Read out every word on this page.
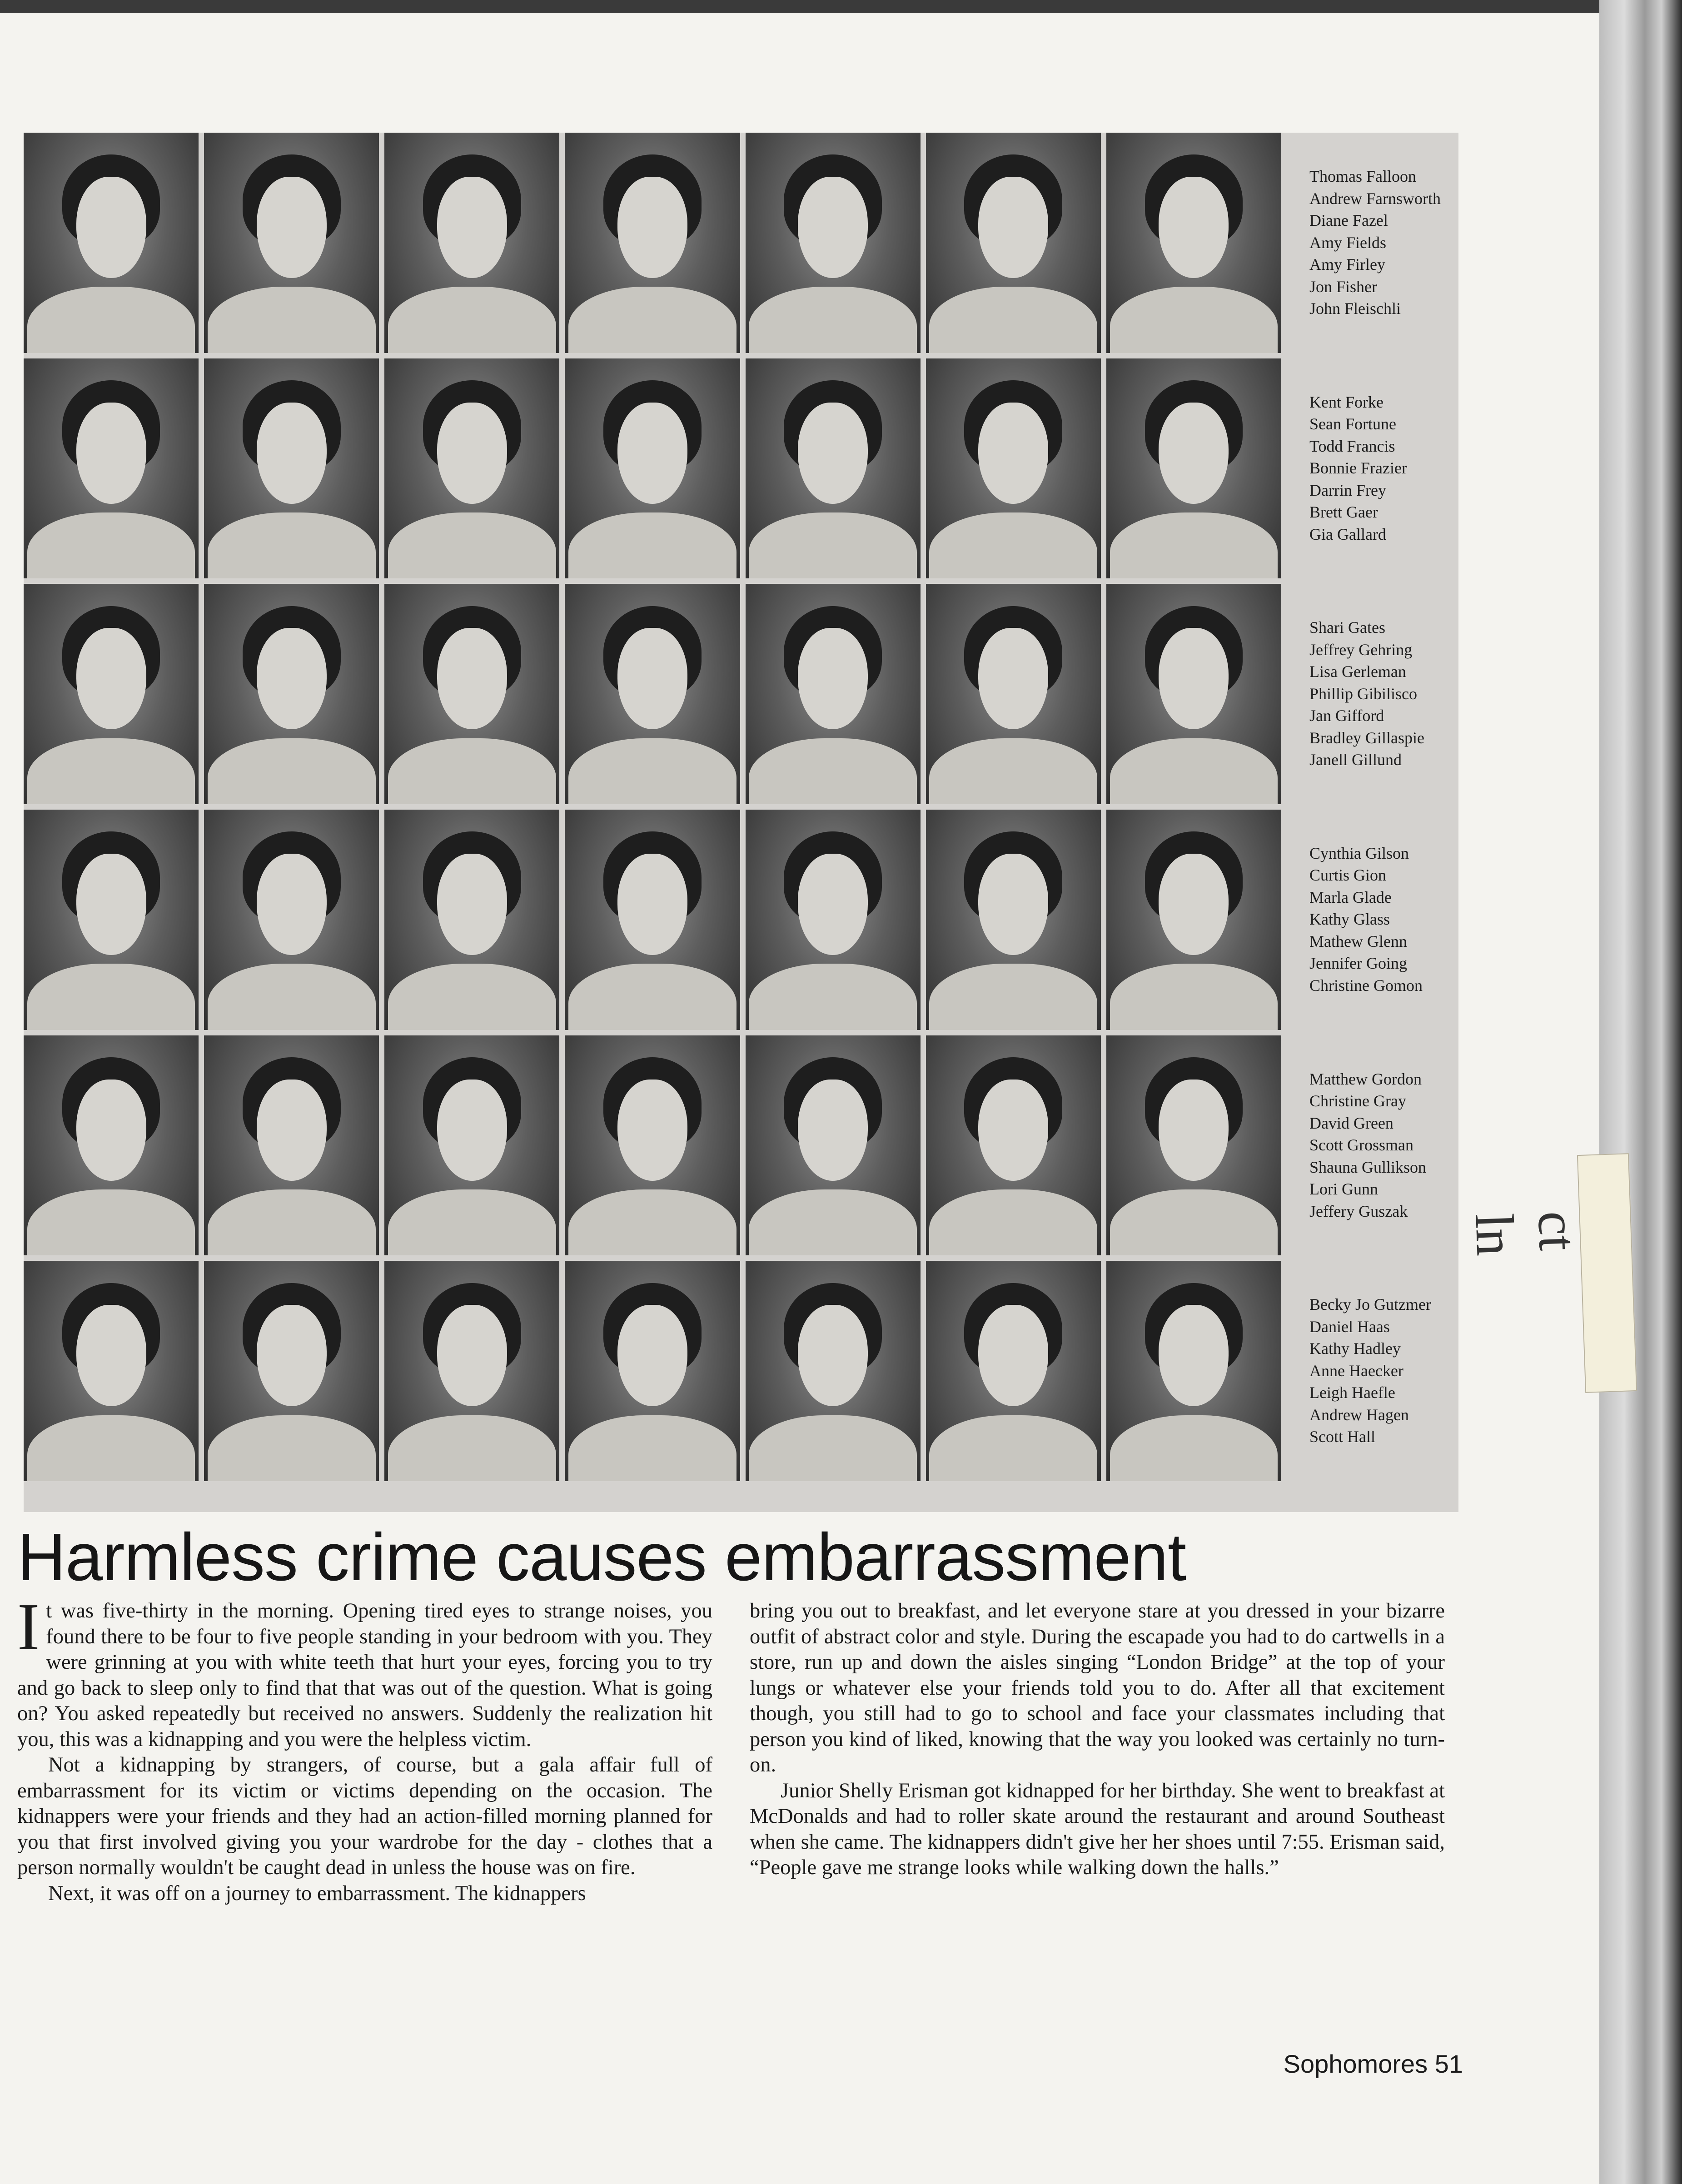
Thomas Falloon
Andrew Farnsworth
Diane Fazel
Amy Fields
Amy Firley
Jon Fisher
John Fleischli
Kent Forke
Sean Fortune
Todd Francis
Bonnie Frazier
Darrin Frey
Brett Gaer
Gia Gallard
Shari Gates
Jeffrey Gehring
Lisa Gerleman
Phillip Gibilisco
Jan Gifford
Bradley Gillaspie
Janell Gillund
Cynthia Gilson
Curtis Gion
Marla Glade
Kathy Glass
Mathew Glenn
Jennifer Going
Christine Gomon
Matthew Gordon
Christine Gray
David Green
Scott Grossman
Shauna Gullikson
Lori Gunn
Jeffery Guszak
Becky Jo Gutzmer
Daniel Haas
Kathy Hadley
Anne Haecker
Leigh Haefle
Andrew Hagen
Scott Hall
Harmless crime causes embarrassment

It was five-thirty in the morning. Opening tired eyes to strange noises, you found there to be four to five people standing in your bedroom with you. They were grinning at you with white teeth that hurt your eyes, forcing you to try and go back to sleep only to find that that was out of the question. What is going on? You asked repeatedly but received no answers. Suddenly the realization hit you, this was a kidnapping and you were the helpless victim.

Not a kidnapping by strangers, of course, but a gala affair full of embarrassment for its victim or victims depending on the occasion. The kidnappers were your friends and they had an action-filled morning planned for you that first involved giving you your wardrobe for the day - clothes that a person normally wouldn't be caught dead in unless the house was on fire.

Next, it was off on a journey to embarrassment. The kidnappers

bring you out to breakfast, and let everyone stare at you dressed in your bizarre outfit of abstract color and style. During the escapade you had to do cartwells in a store, run up and down the aisles singing “London Bridge” at the top of your lungs or whatever else your friends told you to do. After all that excitement though, you still had to go to school and face your classmates including that person you kind of liked, knowing that the way you looked was certainly no turn-on.

Junior Shelly Erisman got kidnapped for her birthday. She went to breakfast at McDonalds and had to roller skate around the restaurant and around Southeast when she came. The kidnappers didn't give her her shoes until 7:55. Erisman said, “People gave me strange looks while walking down the halls.”

Sophomores 51
ct ln
